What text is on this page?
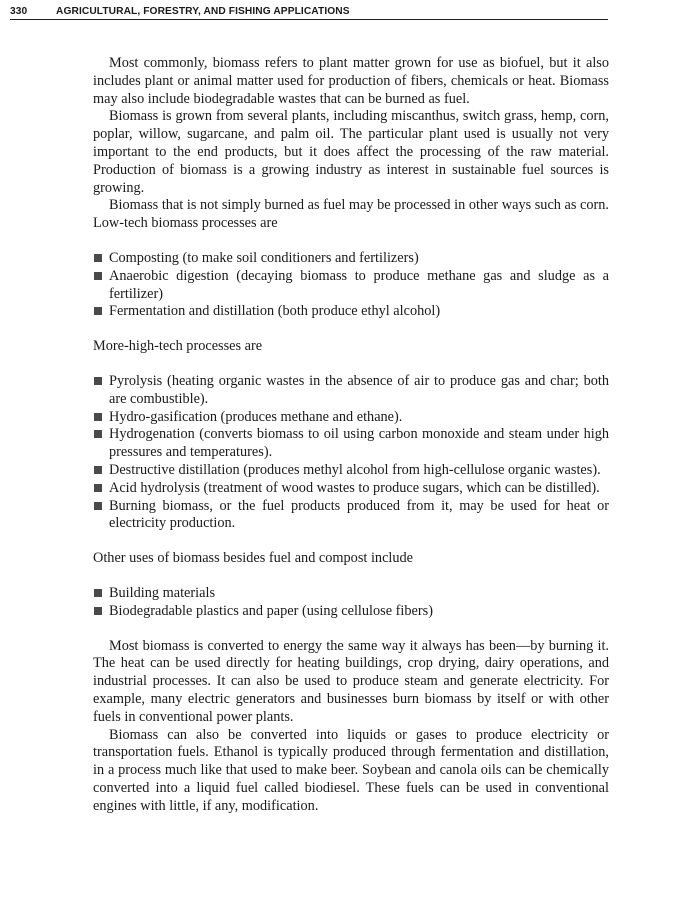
330	AGRICULTURAL, FORESTRY, AND FISHING APPLICATIONS

Most commonly, biomass refers to plant matter grown for use as biofuel, but it also includes plant or animal matter used for production of fibers, chemicals or heat. Biomass may also include biodegradable wastes that can be burned as fuel.

Biomass is grown from several plants, including miscanthus, switch grass, hemp, corn, poplar, willow, sugarcane, and palm oil. The particular plant used is usually not very important to the end products, but it does affect the processing of the raw material. Production of biomass is a growing industry as interest in sustainable fuel sources is growing.

Biomass that is not simply burned as fuel may be processed in other ways such as corn. Low-tech biomass processes are

Composting (to make soil conditioners and fertilizers)
Anaerobic digestion (decaying biomass to produce methane gas and sludge as a fertilizer)
Fermentation and distillation (both produce ethyl alcohol)

More-high-tech processes are

Pyrolysis (heating organic wastes in the absence of air to produce gas and char; both are combustible).
Hydro-gasification (produces methane and ethane).
Hydrogenation (converts biomass to oil using carbon monoxide and steam under high pressures and temperatures).
Destructive distillation (produces methyl alcohol from high-cellulose organic wastes).
Acid hydrolysis (treatment of wood wastes to produce sugars, which can be distilled).
Burning biomass, or the fuel products produced from it, may be used for heat or electricity production.

Other uses of biomass besides fuel and compost include

Building materials
Biodegradable plastics and paper (using cellulose fibers)

Most biomass is converted to energy the same way it always has been—by burning it. The heat can be used directly for heating buildings, crop drying, dairy operations, and industrial processes. It can also be used to produce steam and generate electricity. For example, many electric generators and businesses burn biomass by itself or with other fuels in conventional power plants.

Biomass can also be converted into liquids or gases to produce electricity or transportation fuels. Ethanol is typically produced through fermentation and distillation, in a process much like that used to make beer. Soybean and canola oils can be chemically converted into a liquid fuel called biodiesel. These fuels can be used in conventional engines with little, if any, modification.
